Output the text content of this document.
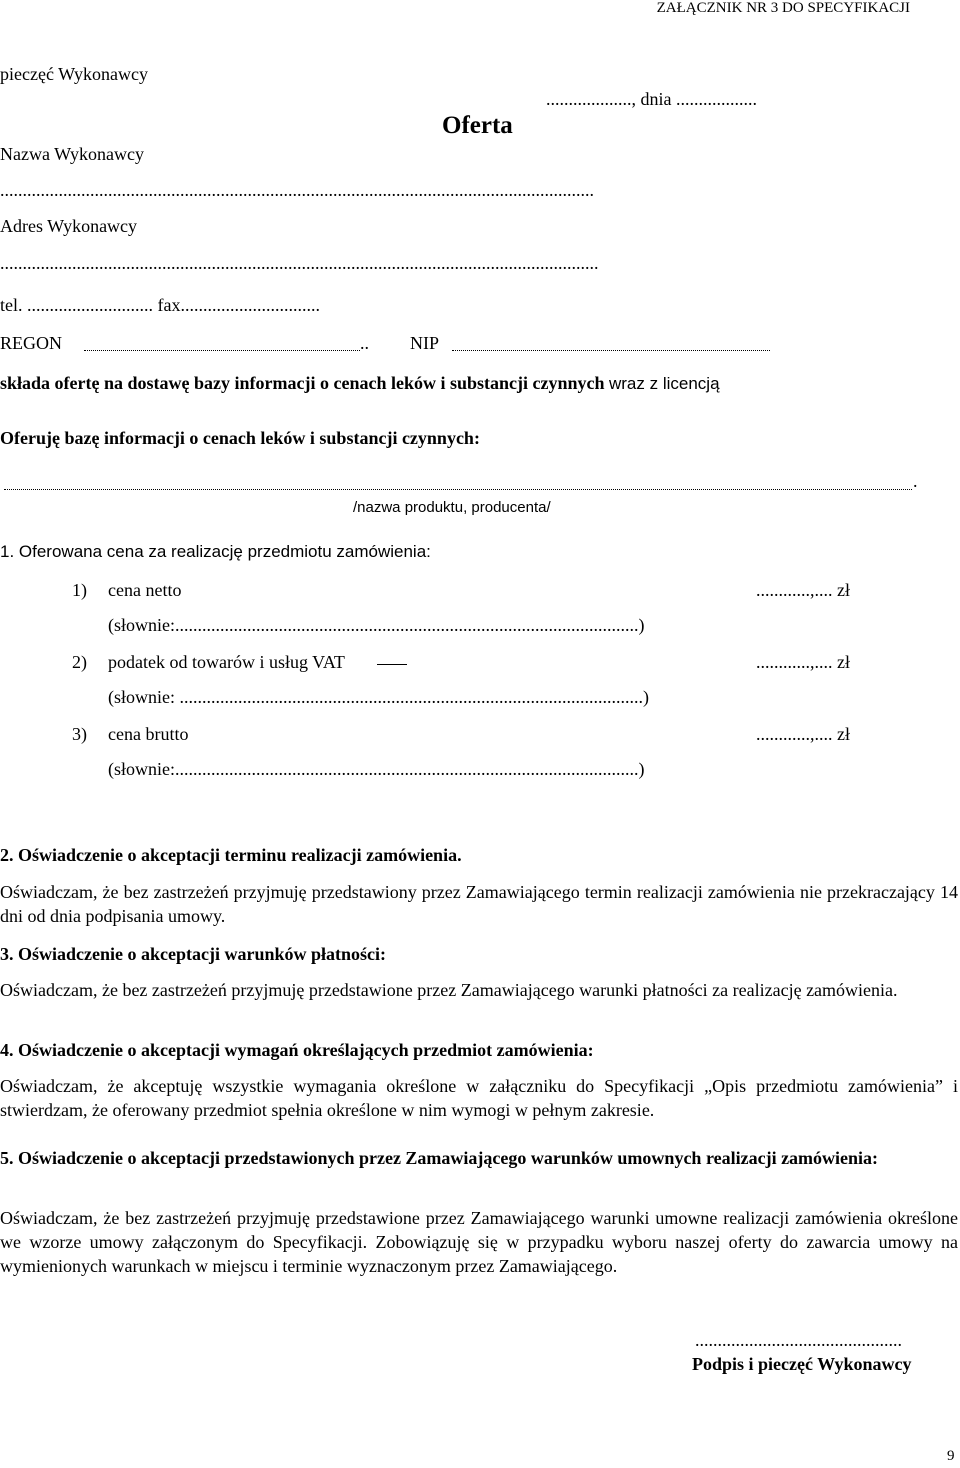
ZAŁĄCZNIK NR 3 DO SPECYFIKACJI
pieczęć Wykonawcy
..................., dnia ..................
Oferta
Nazwa Wykonawcy
....................................................................................................................................
Adres Wykonawcy
.....................................................................................................................................
tel. ............................ fax...............................
REGON	.. NIP
składa ofertę na dostawę bazy informacji o cenach leków i substancji czynnych wraz z licencją
Oferuję bazę informacji o cenach leków i substancji czynnych:
.
/nazwa produktu, producenta/
1. Oferowana cena za realizację przedmiotu zamówienia:
1) cena netto	............,.... zł
(słownie:.......................................................................................................)
2) podatek od towarów i usług VAT	............,.... zł
(słownie: .......................................................................................................)
3) cena brutto	............,.... zł
(słownie:.......................................................................................................)
2. Oświadczenie o akceptacji terminu realizacji zamówienia.
Oświadczam, że bez zastrzeżeń przyjmuję przedstawiony przez Zamawiającego termin realizacji zamówienia nie przekraczający 14 dni od dnia podpisania umowy.
3. Oświadczenie o akceptacji warunków płatności:
Oświadczam, że bez zastrzeżeń przyjmuję przedstawione przez Zamawiającego warunki płatności za realizację zamówienia.
4. Oświadczenie o akceptacji wymagań określających przedmiot zamówienia:
Oświadczam, że akceptuję wszystkie wymagania określone w załączniku do Specyfikacji „Opis przedmiotu zamówienia” i stwierdzam, że oferowany przedmiot spełnia określone w nim wymogi w pełnym zakresie.
5. Oświadczenie o akceptacji przedstawionych przez Zamawiającego warunków umownych realizacji zamówienia:
Oświadczam, że bez zastrzeżeń przyjmuję przedstawione przez Zamawiającego warunki umowne realizacji zamówienia określone we wzorze umowy załączonym do Specyfikacji. Zobowiązuję się w przypadku wyboru naszej oferty do zawarcia umowy na wymienionych warunkach w miejscu i terminie wyznaczonym przez Zamawiającego.
..............................................
Podpis i pieczęć Wykonawcy
9
